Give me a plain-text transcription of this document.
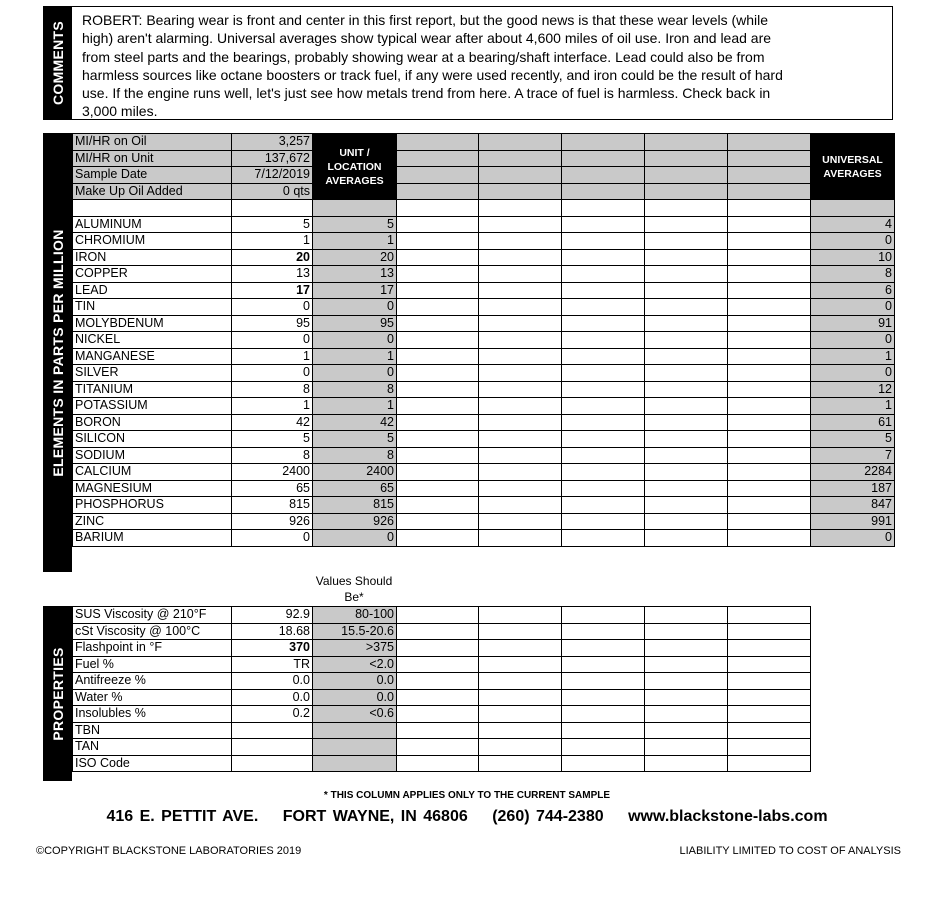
COMMENTS
ROBERT: Bearing wear is front and center in this first report, but the good news is that these wear levels (while high) aren't alarming. Universal averages show typical wear after about 4,600 miles of oil use. Iron and lead are from steel parts and the bearings, probably showing wear at a bearing/shaft interface. Lead could also be from harmless sources like octane boosters or track fuel, if any were used recently, and iron could be the result of hard use. If the engine runs well, let's just see how metals trend from here. A trace of fuel is harmless. Check back in 3,000 miles.
ELEMENTS IN PARTS PER MILLION
MI/HR on Oil	3,257	UNIT / LOCATION AVERAGES						UNIVERSAL AVERAGES
MI/HR on Unit	137,672							
Sample Date	7/12/2019							
Make Up Oil Added	0 qts							

ALUMINUM	5	5						4
CHROMIUM	1	1						0
IRON	20	20						10
COPPER	13	13						8
LEAD	17	17						6
TIN	0	0						0
MOLYBDENUM	95	95						91
NICKEL	0	0						0
MANGANESE	1	1						1
SILVER	0	0						0
TITANIUM	8	8						12
POTASSIUM	1	1						1
BORON	42	42						61
SILICON	5	5						5
SODIUM	8	8						7
CALCIUM	2400	2400						2284
MAGNESIUM	65	65						187
PHOSPHORUS	815	815						847
ZINC	926	926						991
BARIUM	0	0						0
Values Should Be*
PROPERTIES
SUS Viscosity @ 210°F	92.9	80-100					
cSt Viscosity @ 100°C	18.68	15.5-20.6					
Flashpoint in °F	370	>375					
Fuel %	TR	<2.0					
Antifreeze %	0.0	0.0					
Water %	0.0	0.0					
Insolubles %	0.2	<0.6					
TBN							
TAN							
ISO Code							
* THIS COLUMN APPLIES ONLY TO THE CURRENT SAMPLE
416 E. PETTIT AVE. FORT WAYNE, IN 46806 (260) 744-2380 www.blackstone-labs.com
©COPYRIGHT BLACKSTONE LABORATORIES 2019	LIABILITY LIMITED TO COST OF ANALYSIS
